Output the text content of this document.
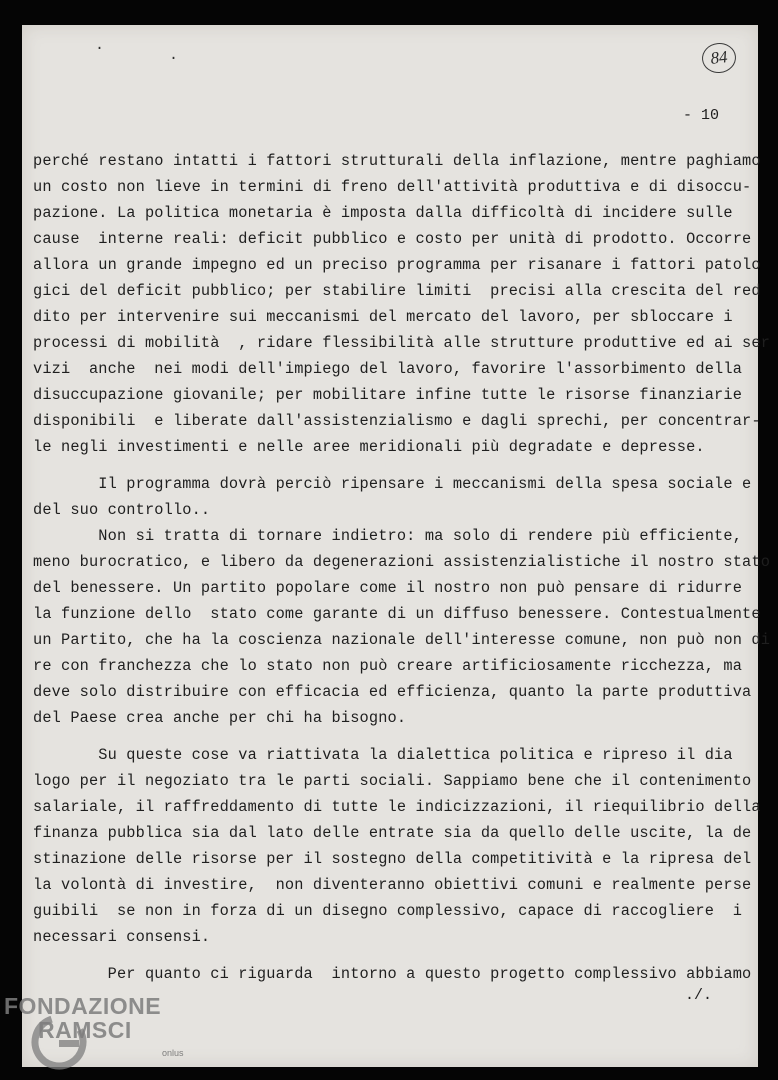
·
·	84
- 10
perché restano intatti i fattori strutturali della inflazione, mentre paghiamo
un costo non lieve in termini di freno dell'attività produttiva e di disoccu-
pazione. La politica monetaria è imposta dalla difficoltà di incidere sulle
cause  interne reali: deficit pubblico e costo per unità di prodotto. Occorre
allora un grande impegno ed un preciso programma per risanare i fattori patolo
gici del deficit pubblico; per stabilire limiti  precisi alla crescita del red
dito per intervenire sui meccanismi del mercato del lavoro, per sbloccare i
processi di mobilità  , ridare flessibilità alle strutture produttive ed ai ser
vizi  anche  nei modi dell'impiego del lavoro, favorire l'assorbimento della
disuccupazione giovanile; per mobilitare infine tutte le risorse finanziarie
disponibili  e liberate dall'assistenzialismo e dagli sprechi, per concentrar-
le negli investimenti e nelle aree meridionali più degradate e depresse.
Il programma dovrà perciò ripensare i meccanismi della spesa sociale e
del suo controllo..
Non si tratta di tornare indietro: ma solo di rendere più efficiente,
meno burocratico, e libero da degenerazioni assistenzialistiche il nostro stato
del benessere. Un partito popolare come il nostro non può pensare di ridurre
la funzione dello  stato come garante di un diffuso benessere. Contestualmente
un Partito, che ha la coscienza nazionale dell'interesse comune, non può non di
re con franchezza che lo stato non può creare artificiosamente ricchezza, ma
deve solo distribuire con efficacia ed efficienza, quanto la parte produttiva
del Paese crea anche per chi ha bisogno.
Su queste cose va riattivata la dialettica politica e ripreso il dia
logo per il negoziato tra le parti sociali. Sappiamo bene che il contenimento
salariale, il raffreddamento di tutte le indicizzazioni, il riequilibrio della
finanza pubblica sia dal lato delle entrate sia da quello delle uscite, la de
stinazione delle risorse per il sostegno della competitività e la ripresa del
la volontà di investire,  non diventeranno obiettivi comuni e realmente perse
guibili  se non in forza di un disegno complessivo, capace di raccogliere  i
necessari consensi.
Per quanto ci riguarda  intorno a questo progetto complessivo abbiamo
./.
FONDAZIONE
RAMSCI
onlus
